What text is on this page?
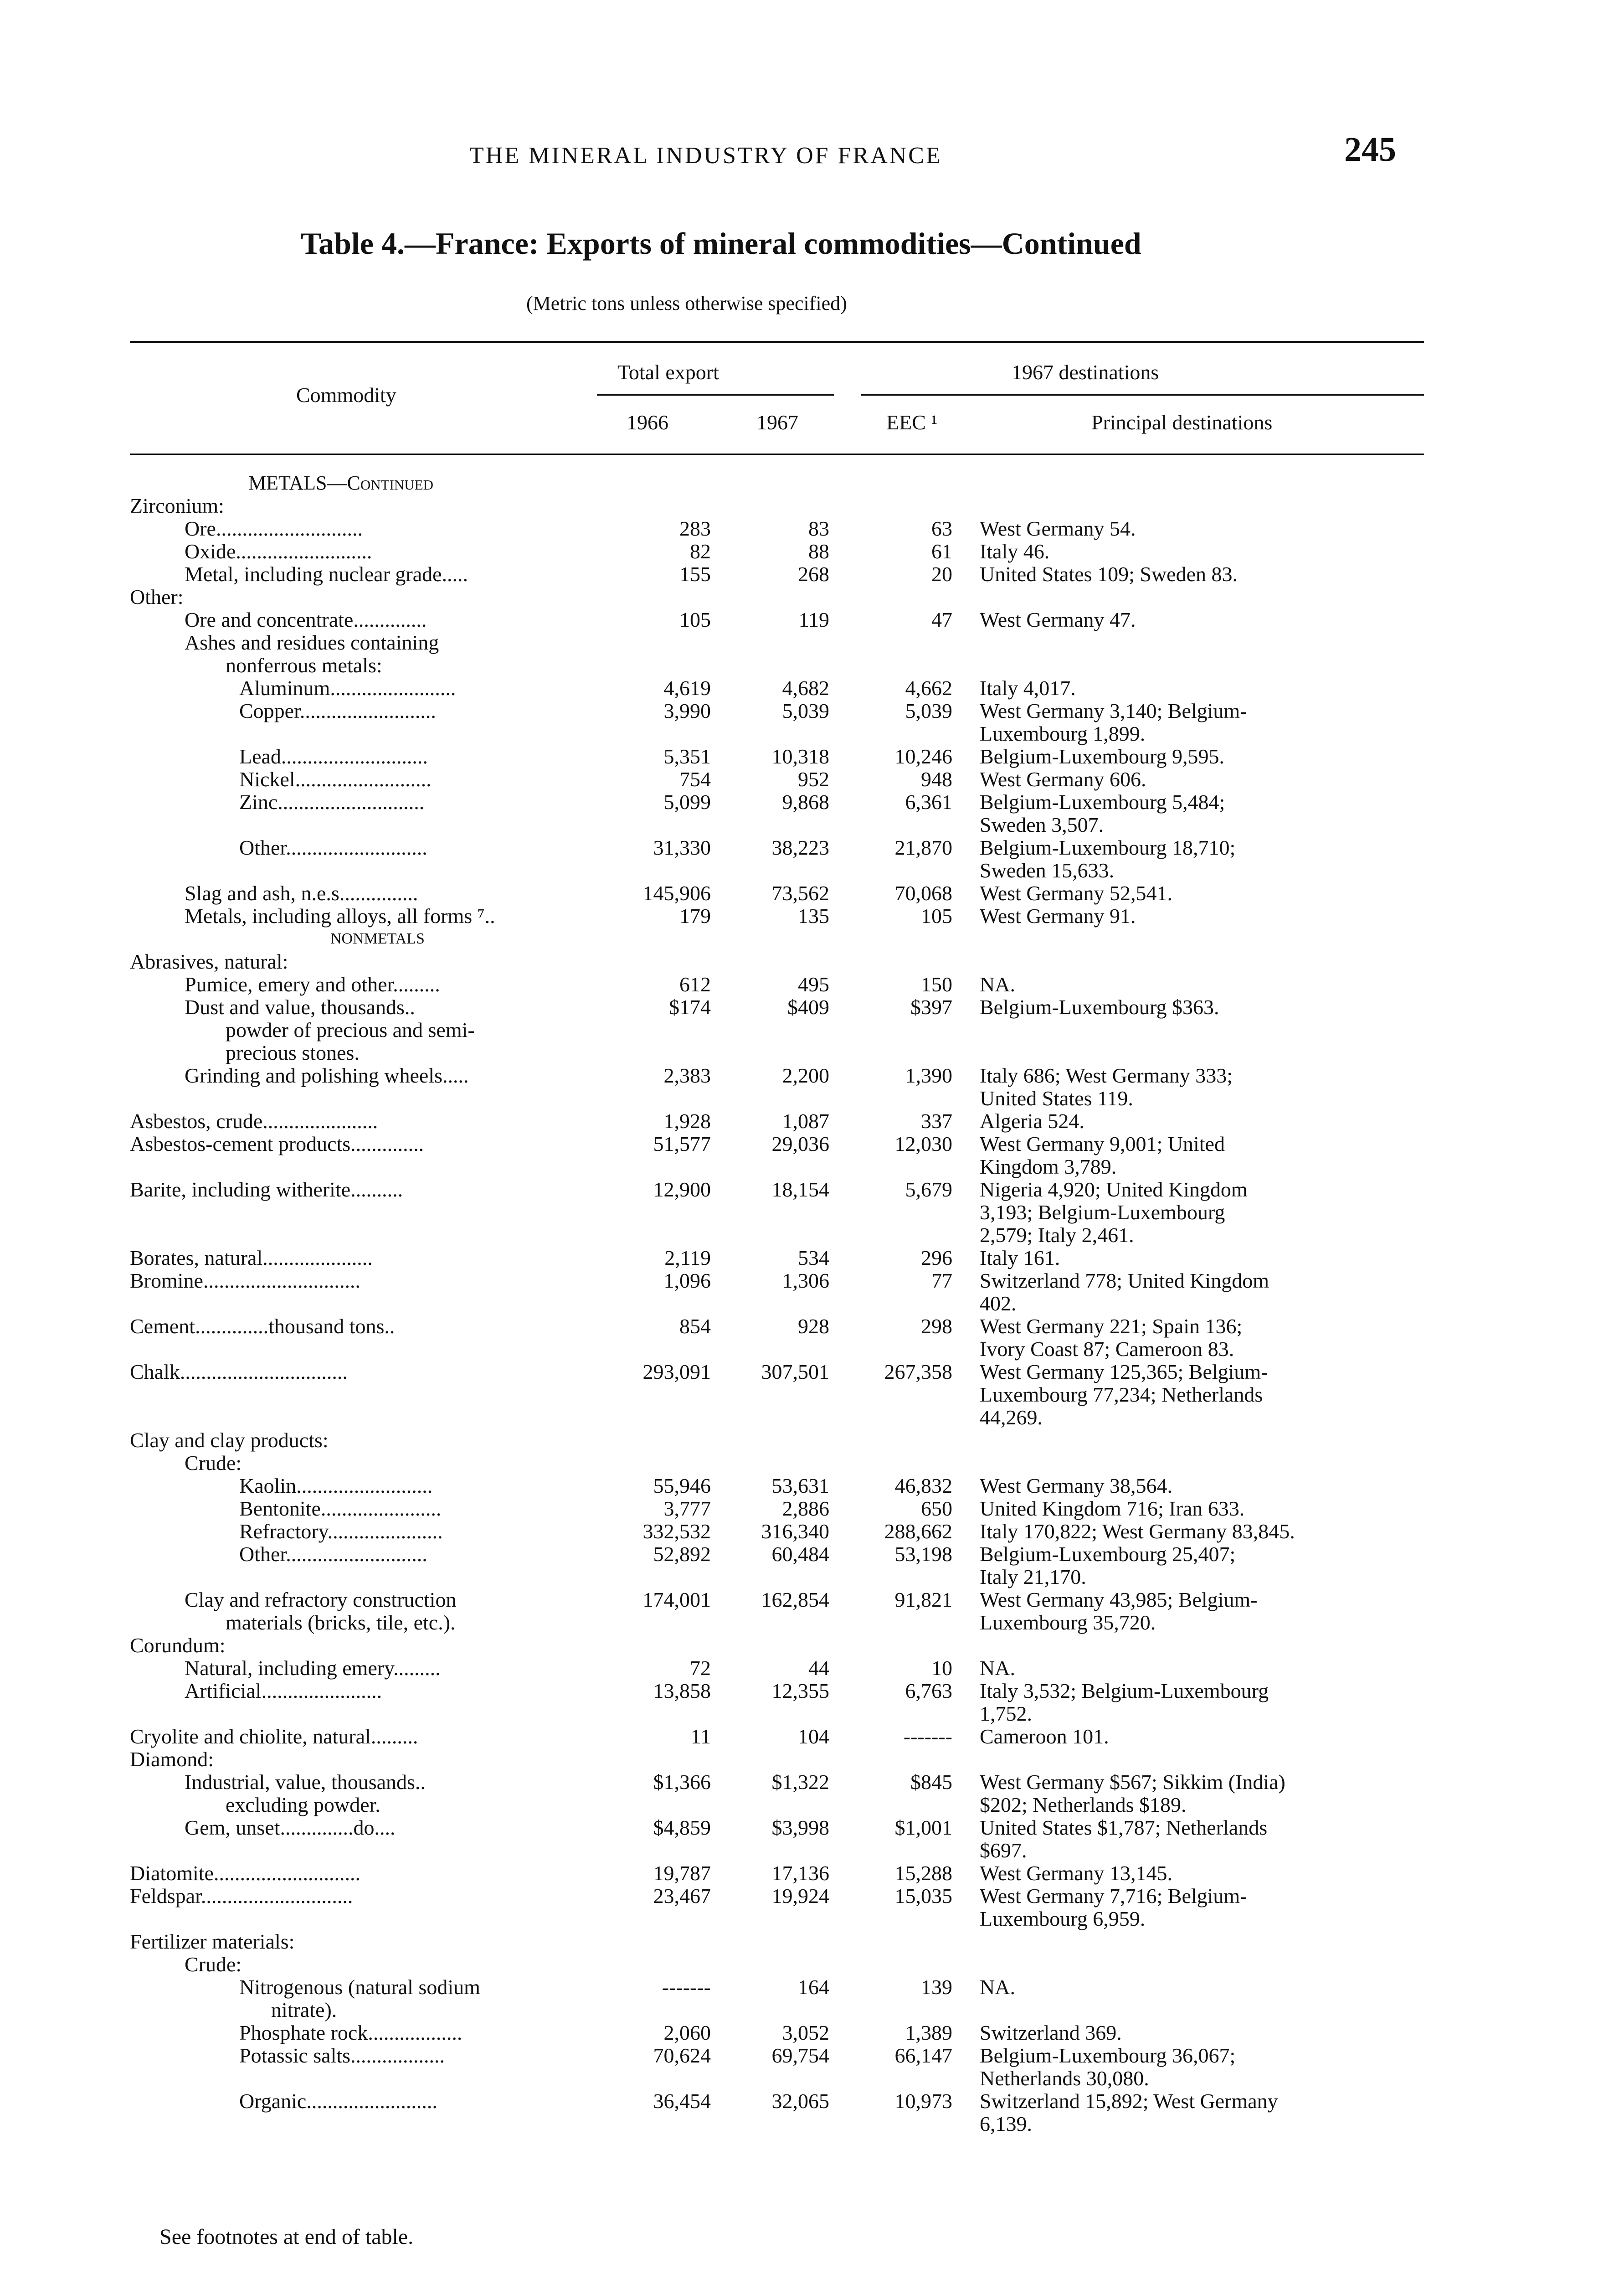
THE MINERAL INDUSTRY OF FRANCE	245
Table 4.—France: Exports of mineral commodities—Continued
(Metric tons unless otherwise specified)
Commodity
Total export	1967 destinations
1966	1967	EEC ¹	Principal destinations
METALS—Continued
Zirconium:
Ore............................	283	83	63 West Germany 54.
Oxide..........................	82	88	61 Italy 46.
Metal, including nuclear grade.....	155	268	20 United States 109; Sweden 83.
Other:
Ore and concentrate..............	105	119	47 West Germany 47.
Ashes and residues containing
nonferrous metals:
Aluminum........................	4,619	4,682	4,662 Italy 4,017.
Copper..........................	3,990	5,039	5,039 West Germany 3,140; Belgium-
Luxembourg 1,899.
Lead............................	5,351	10,318	10,246 Belgium-Luxembourg 9,595.
Nickel..........................	754	952	948 West Germany 606.
Zinc............................	5,099	9,868	6,361 Belgium-Luxembourg 5,484;
Sweden 3,507.
Other...........................	31,330	38,223	21,870 Belgium-Luxembourg 18,710;
Sweden 15,633.
Slag and ash, n.e.s...............	145,906	73,562	70,068 West Germany 52,541.
Metals, including alloys, all forms ⁷..	179	135	105 West Germany 91.
NONMETALS
Abrasives, natural:
Pumice, emery and other.........	612	495	150 NA.
Dust and value, thousands..	$174	$409	$397 Belgium-Luxembourg $363.
powder of precious and semi-
precious stones.
Grinding and polishing wheels.....	2,383	2,200	1,390 Italy 686; West Germany 333;
United States 119.
Asbestos, crude......................	1,928	1,087	337 Algeria 524.
Asbestos-cement products..............	51,577	29,036	12,030 West Germany 9,001; United
Kingdom 3,789.
Barite, including witherite..........	12,900	18,154	5,679 Nigeria 4,920; United Kingdom
3,193; Belgium-Luxembourg
2,579; Italy 2,461.
Borates, natural.....................	2,119	534	296 Italy 161.
Bromine..............................	1,096	1,306	77 Switzerland 778; United Kingdom
402.
Cement..............thousand tons..	854	928	298 West Germany 221; Spain 136;
Ivory Coast 87; Cameroon 83.
Chalk................................	293,091	307,501	267,358 West Germany 125,365; Belgium-
Luxembourg 77,234; Netherlands
44,269.
Clay and clay products:
Crude:
Kaolin..........................	55,946	53,631	46,832 West Germany 38,564.
Bentonite.......................	3,777	2,886	650 United Kingdom 716; Iran 633.
Refractory......................	332,532	316,340	288,662 Italy 170,822; West Germany 83,845.
Other...........................	52,892	60,484	53,198 Belgium-Luxembourg 25,407;
Italy 21,170.
Clay and refractory construction	174,001	162,854	91,821 West Germany 43,985; Belgium-
materials (bricks, tile, etc.).	Luxembourg 35,720.
Corundum:
Natural, including emery.........	72	44	10 NA.
Artificial.......................	13,858	12,355	6,763 Italy 3,532; Belgium-Luxembourg
1,752.
Cryolite and chiolite, natural.........	11	104	------- Cameroon 101.
Diamond:
Industrial, value, thousands..	$1,366	$1,322	$845 West Germany $567; Sikkim (India)
excluding powder.	$202; Netherlands $189.
Gem, unset..............do....	$4,859	$3,998	$1,001 United States $1,787; Netherlands
$697.
Diatomite............................	19,787	17,136	15,288 West Germany 13,145.
Feldspar.............................	23,467	19,924	15,035 West Germany 7,716; Belgium-
Luxembourg 6,959.
Fertilizer materials:
Crude:
Nitrogenous (natural sodium	-------	164	139 NA.
nitrate).
Phosphate rock..................	2,060	3,052	1,389 Switzerland 369.
Potassic salts..................	70,624	69,754	66,147 Belgium-Luxembourg 36,067;
Netherlands 30,080.
Organic.........................	36,454	32,065	10,973 Switzerland 15,892; West Germany
6,139.
See footnotes at end of table.
